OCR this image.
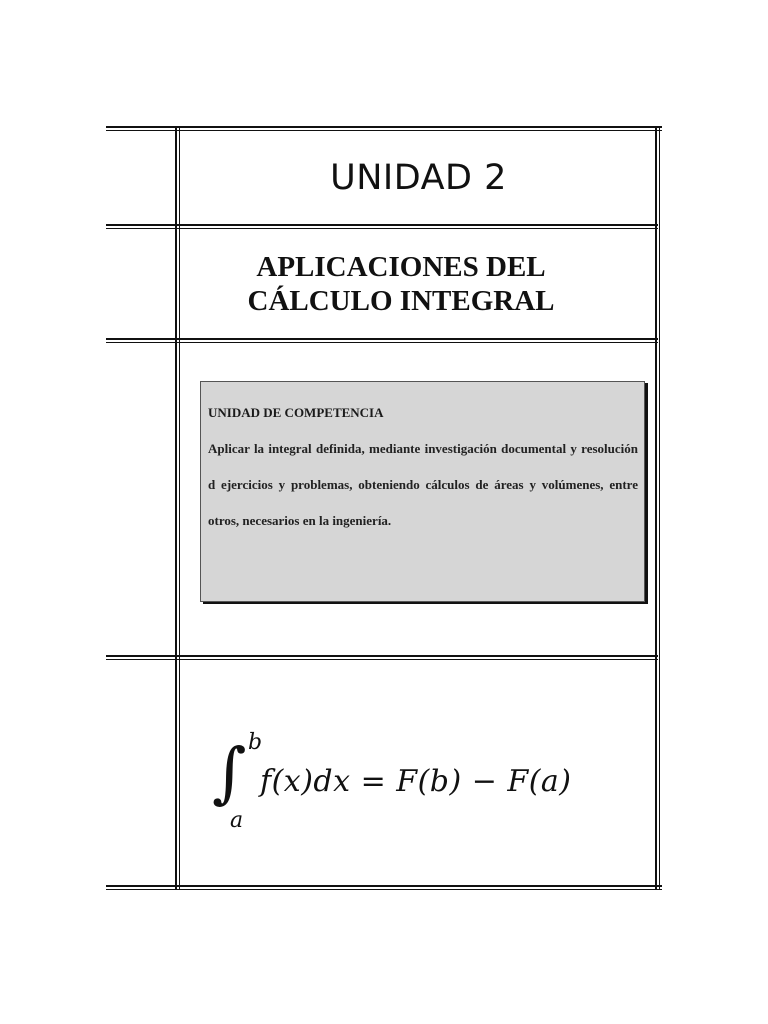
UNIDAD 2
APLICACIONES DEL
CÁLCULO INTEGRAL

UNIDAD DE COMPETENCIA

Aplicar la integral definida, mediante investigación documental y resolución d ejercicios y problemas, obteniendo cálculos de áreas y volúmenes, entre otros, necesarios en la ingeniería.

∫ b
a
f(x)dx = F(b) − F(a)
